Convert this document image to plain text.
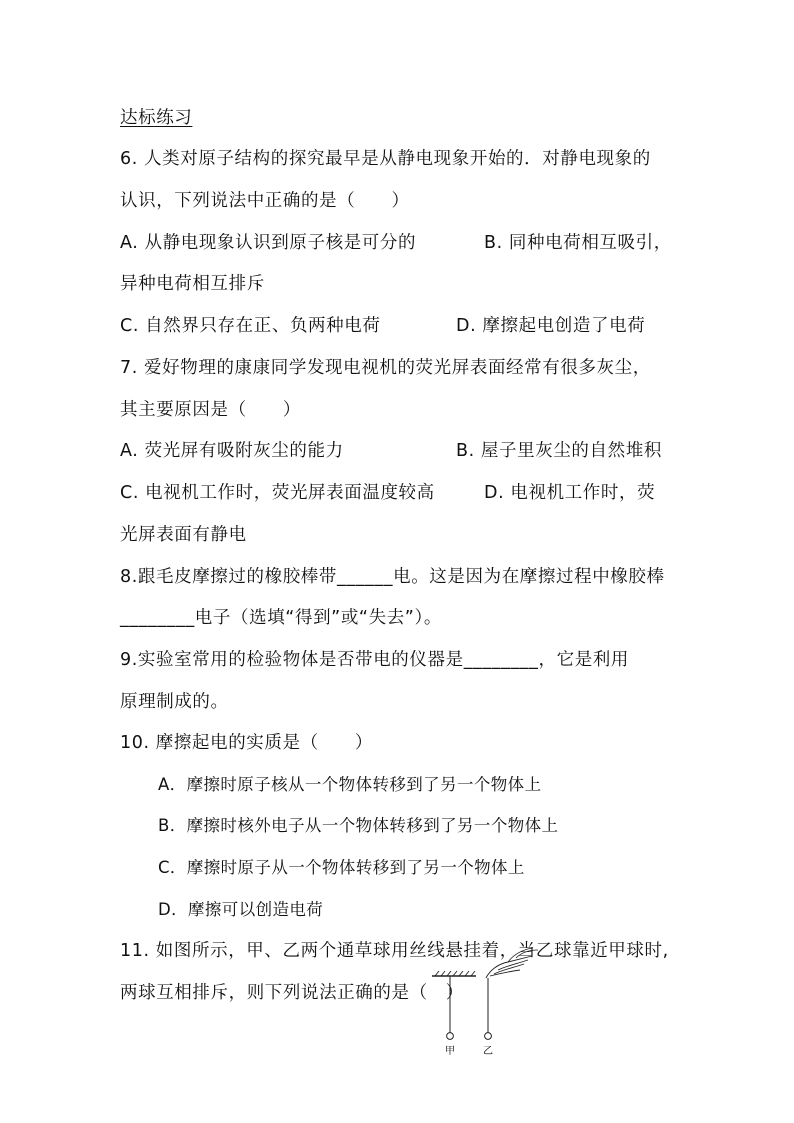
达标练习
6. 人类对原子结构的探究最早是从静电现象开始的．对静电现象的
认识，下列说法中正确的是（　　）
A. 从静电现象认识到原子核是可分的	B. 同种电荷相互吸引，
异种电荷相互排斥
C. 自然界只存在正、负两种电荷	D. 摩擦起电创造了电荷
7. 爱好物理的康康同学发现电视机的荧光屏表面经常有很多灰尘，
其主要原因是（　　）
A. 荧光屏有吸附灰尘的能力	B. 屋子里灰尘的自然堆积
C. 电视机工作时，荧光屏表面温度较高	D. 电视机工作时，荧
光屏表面有静电
8.跟毛皮摩擦过的橡胶棒带______电。这是因为在摩擦过程中橡胶棒
________电子（选填“得到”或“失去”）。
9.实验室常用的检验物体是否带电的仪器是________，它是利用
原理制成的。
10. 摩擦起电的实质是（　　）
A．摩擦时原子核从一个物体转移到了另一个物体上
B．摩擦时核外电子从一个物体转移到了另一个物体上
C．摩擦时原子从一个物体转移到了另一个物体上
D．摩擦可以创造电荷
11. 如图所示，甲、乙两个通草球用丝线悬挂着，当乙球靠近甲球时,
两球互相排斥，则下列说法正确的是（　）
甲	乙
